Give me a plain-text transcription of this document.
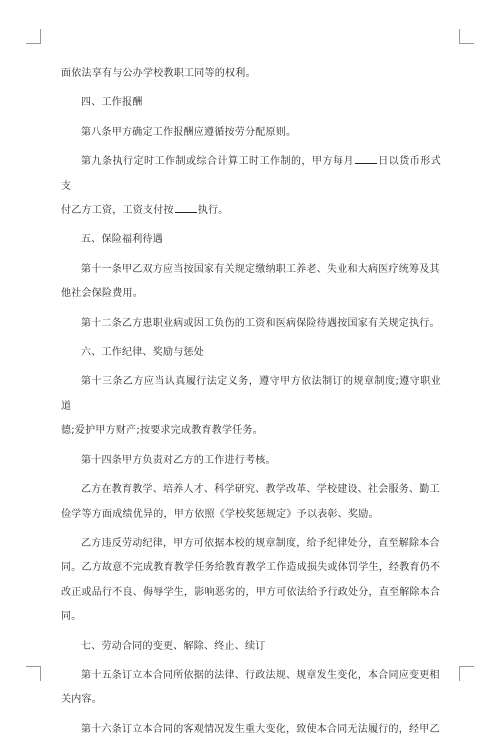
面依法享有与公办学校教职工同等的权利。

四、工作报酬

第八条甲方确定工作报酬应遵循按劳分配原则。

第九条执行定时工作制或综合计算工时工作制的，甲方每月 日以货币形式支

付乙方工资，工资支付按 执行。

五、保险福利待遇

第十一条甲乙双方应当按国家有关规定缴纳职工养老、失业和大病医疗统筹及其

他社会保险费用。

第十二条乙方患职业病或因工负伤的工资和医病保险待遇按国家有关规定执行。

六、工作纪律、奖励与惩处

第十三条乙方应当认真履行法定义务，遵守甲方依法制订的规章制度;遵守职业道

德;爱护甲方财产;按要求完成教育教学任务。

第十四条甲方负责对乙方的工作进行考核。

乙方在教育教学、培养人才、科学研究、教学改革、学校建设、社会服务、勤工

俭学等方面成绩优异的，甲方依照《学校奖惩规定》予以表彰、奖励。

乙方违反劳动纪律，甲方可依据本校的规章制度，给予纪律处分，直至解除本合

同。乙方故意不完成教育教学任务给教育教学工作造成损失或体罚学生，经教育仍不

改正或品行不良、侮辱学生，影响恶劣的，甲方可依法给予行政处分，直至解除本合

同。

七、劳动合同的变更、解除、终止、续订

第十五条订立本合同所依据的法律、行政法规、规章发生变化，本合同应变更相

关内容。

第十六条订立本合同的客观情况发生重大变化，致使本合同无法履行的，经甲乙
